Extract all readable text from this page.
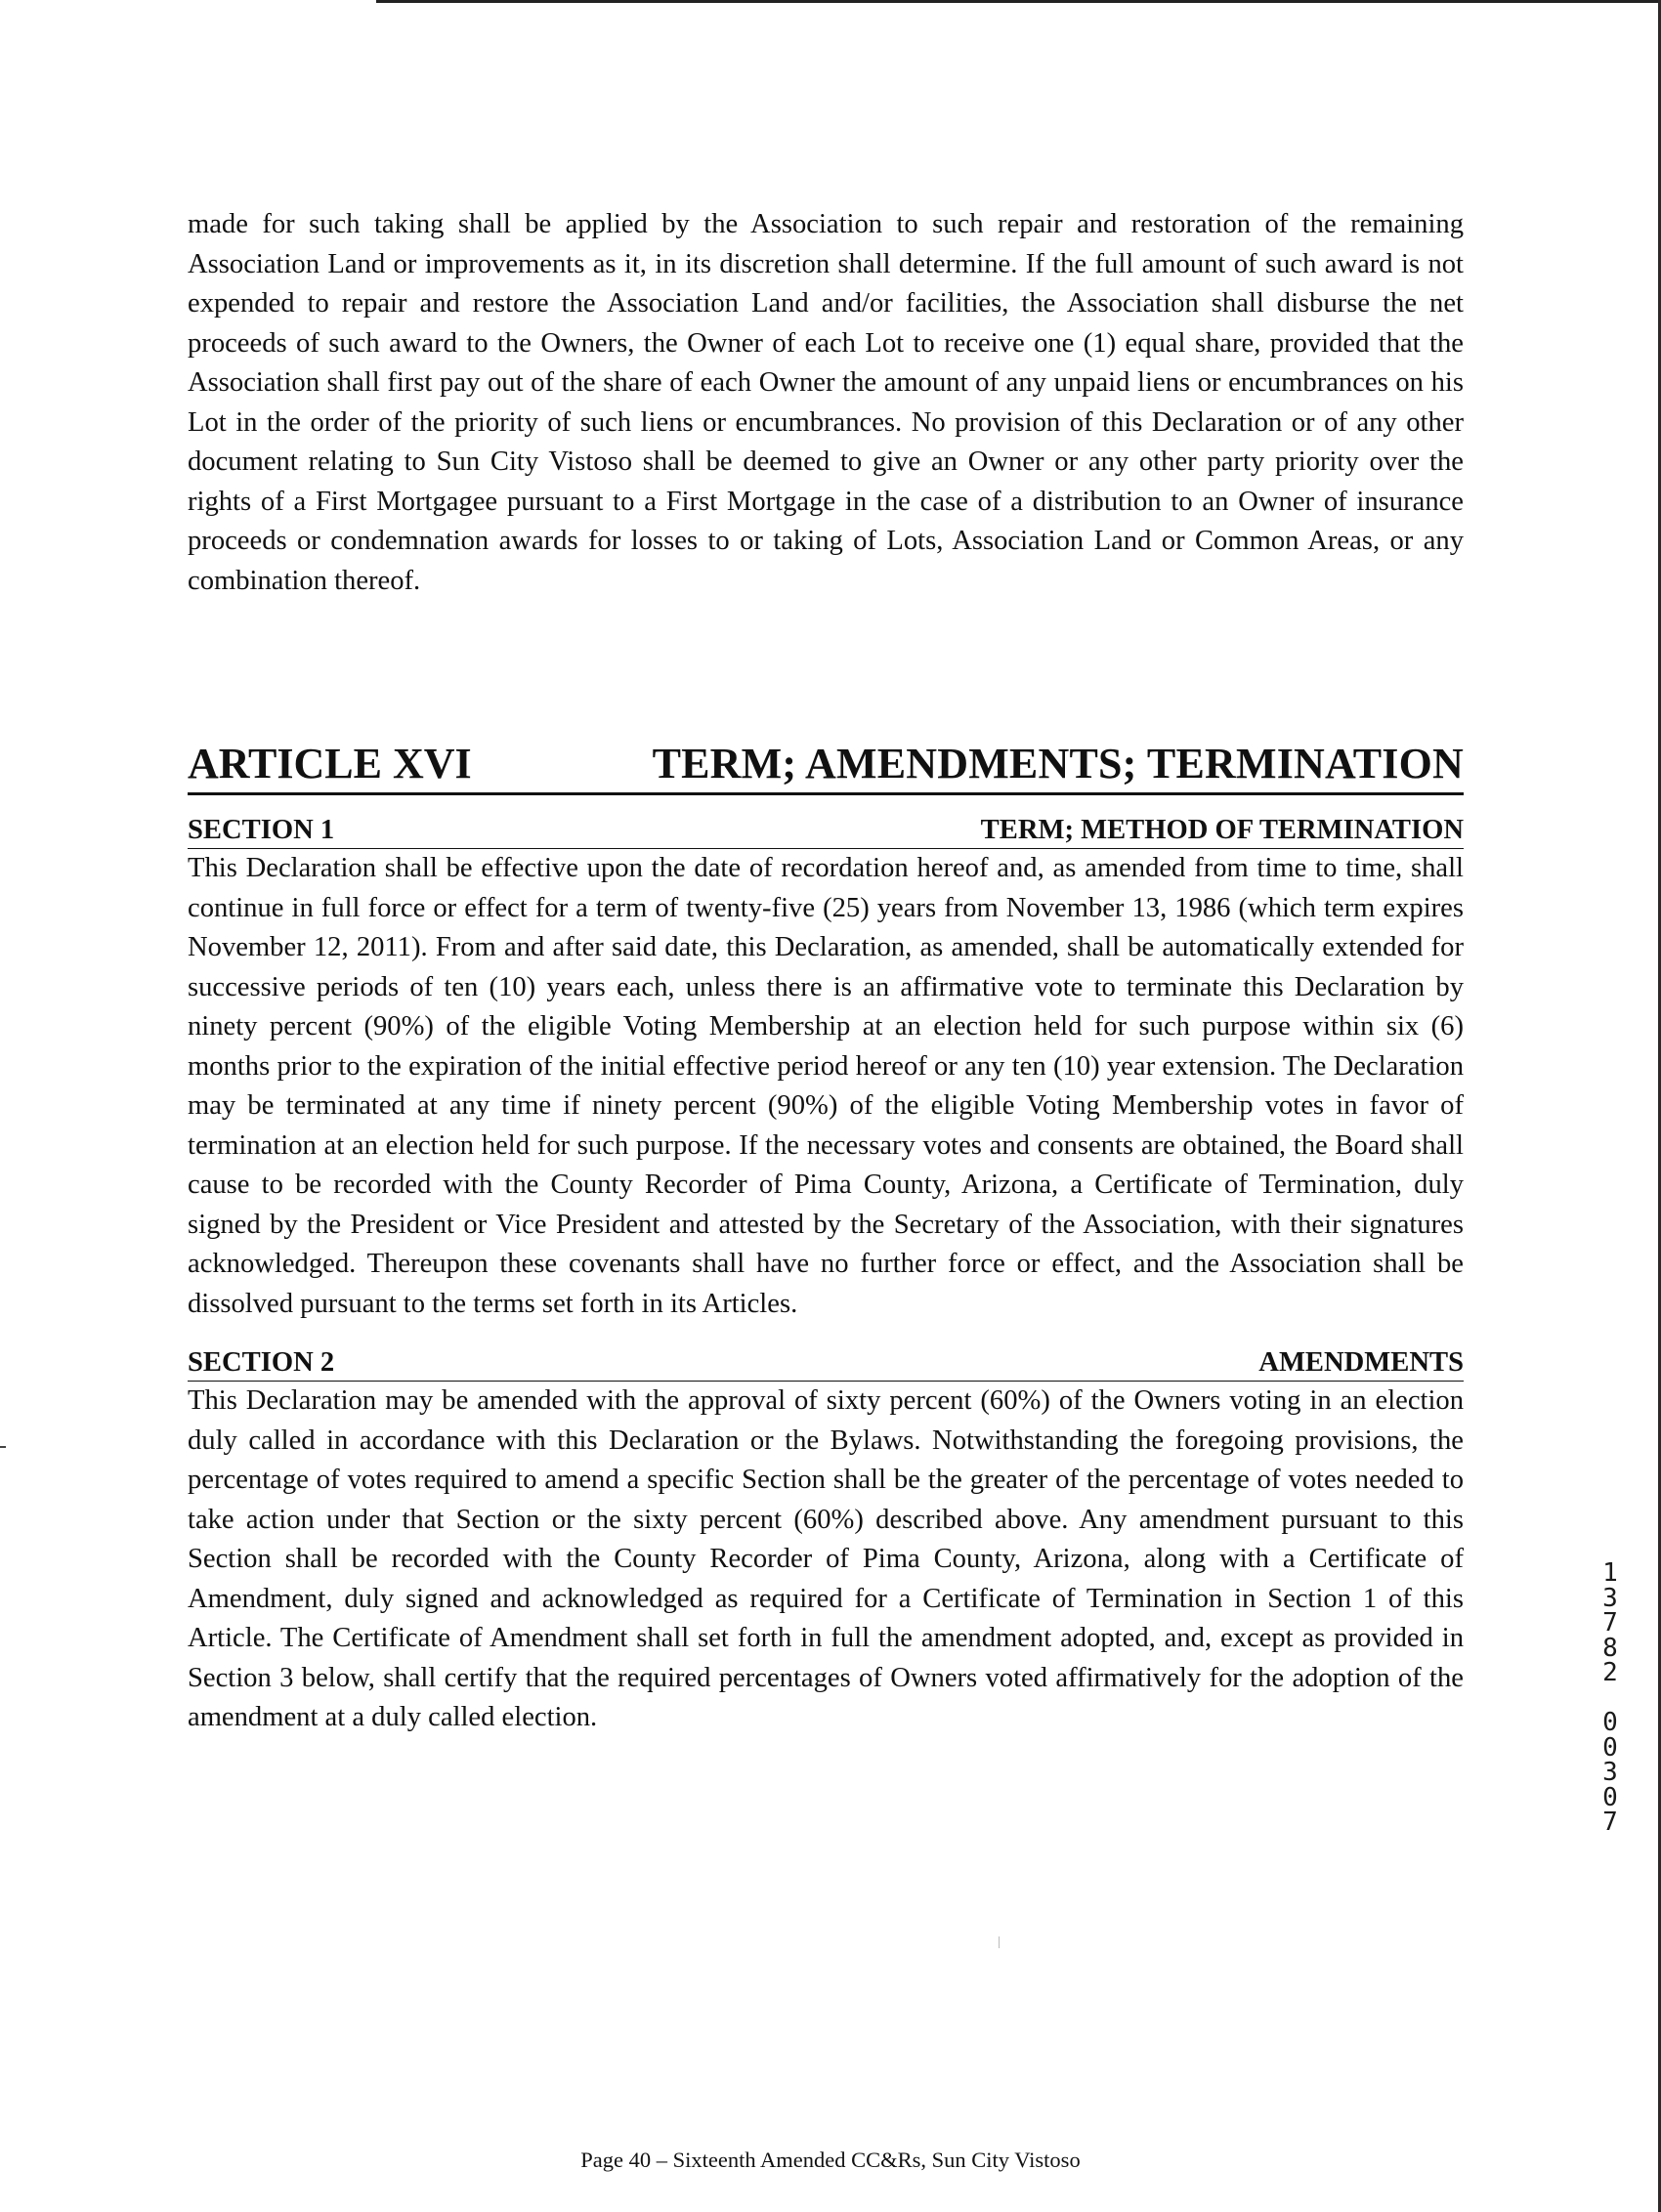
made for such taking shall be applied by the Association to such repair and restoration of the remaining Association Land or improvements as it, in its discretion shall determine. If the full amount of such award is not expended to repair and restore the Association Land and/or facilities, the Association shall disburse the net proceeds of such award to the Owners, the Owner of each Lot to receive one (1) equal share, provided that the Association shall first pay out of the share of each Owner the amount of any unpaid liens or encumbrances on his Lot in the order of the priority of such liens or encumbrances. No provision of this Declaration or of any other document relating to Sun City Vistoso shall be deemed to give an Owner or any other party priority over the rights of a First Mortgagee pursuant to a First Mortgage in the case of a distribution to an Owner of insurance proceeds or condemnation awards for losses to or taking of Lots, Association Land or Common Areas, or any combination thereof.

ARTICLE XVI	TERM; AMENDMENTS; TERMINATION
SECTION 1	TERM; METHOD OF TERMINATION

This Declaration shall be effective upon the date of recordation hereof and, as amended from time to time, shall continue in full force or effect for a term of twenty-five (25) years from November 13, 1986 (which term expires November 12, 2011). From and after said date, this Declaration, as amended, shall be automatically extended for successive periods of ten (10) years each, unless there is an affirmative vote to terminate this Declaration by ninety percent (90%) of the eligible Voting Membership at an election held for such purpose within six (6) months prior to the expiration of the initial effective period hereof or any ten (10) year extension. The Declaration may be terminated at any time if ninety percent (90%) of the eligible Voting Membership votes in favor of termination at an election held for such purpose. If the necessary votes and consents are obtained, the Board shall cause to be recorded with the County Recorder of Pima County, Arizona, a Certificate of Termination, duly signed by the President or Vice President and attested by the Secretary of the Association, with their signatures acknowledged. Thereupon these covenants shall have no further force or effect, and the Association shall be dissolved pursuant to the terms set forth in its Articles.

SECTION 2	AMENDMENTS

This Declaration may be amended with the approval of sixty percent (60%) of the Owners voting in an election duly called in accordance with this Declaration or the Bylaws. Notwithstanding the foregoing provisions, the percentage of votes required to amend a specific Section shall be the greater of the percentage of votes needed to take action under that Section or the sixty percent (60%) described above. Any amendment pursuant to this Section shall be recorded with the County Recorder of Pima County, Arizona, along with a Certificate of Amendment, duly signed and acknowledged as required for a Certificate of Termination in Section 1 of this Article. The Certificate of Amendment shall set forth in full the amendment adopted, and, except as provided in Section 3 below, shall certify that the required percentages of Owners voted affirmatively for the adoption of the amendment at a duly called election.

1
3
7
8
2

0
0
3
0
7
Page 40 – Sixteenth Amended CC&Rs, Sun City Vistoso
